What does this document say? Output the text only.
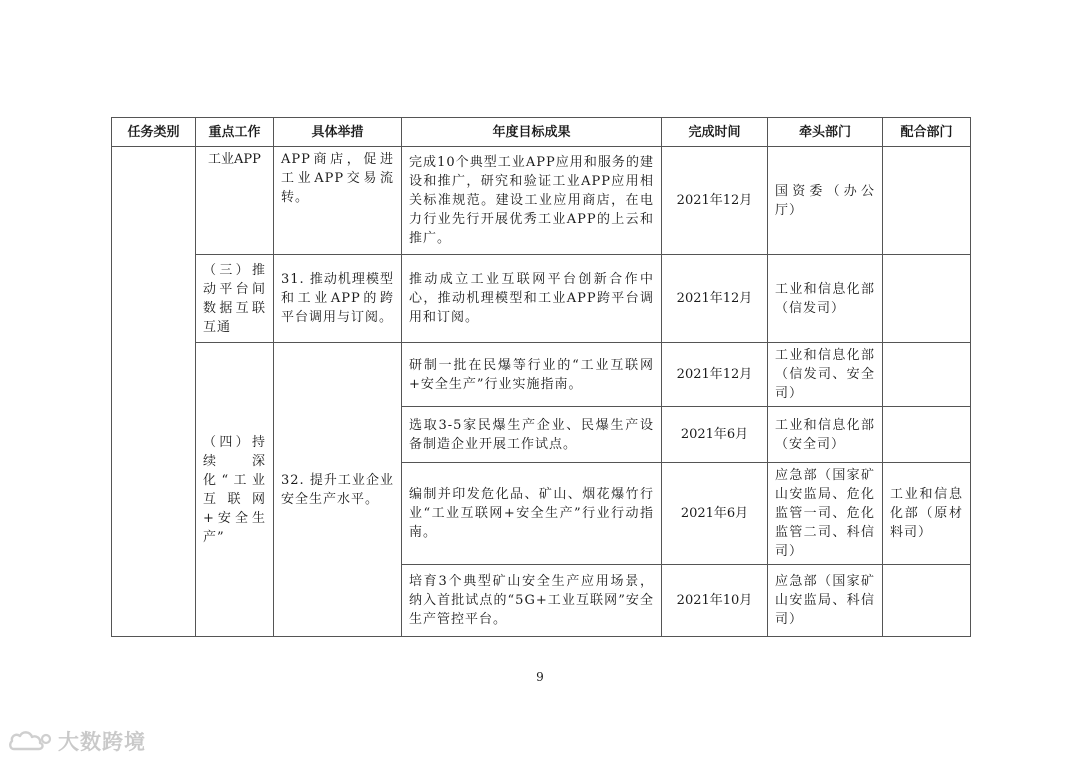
任务类别	重点工作	具体举措	年度目标成果	完成时间	牵头部门	配合部门
	工业APP	APP商店，促进工业APP交易流转。	完成10个典型工业APP应用和服务的建设和推广，研究和验证工业APP应用相关标准规范。建设工业应用商店，在电力行业先行开展优秀工业APP的上云和推广。	2021年12月	国资委（办公厅）	
	（三）推动平台间数据互联互通	31. 推动机理模型和工业APP的跨平台调用与订阅。	推动成立工业互联网平台创新合作中心，推动机理模型和工业APP跨平台调用和订阅。	2021年12月	工业和信息化部（信发司）	
	（四）持续深化“工业互联网+安全生产”	32. 提升工业企业安全生产水平。	研制一批在民爆等行业的“工业互联网+安全生产”行业实施指南。	2021年12月	工业和信息化部（信发司、安全司）	
			选取3-5家民爆生产企业、民爆生产设备制造企业开展工作试点。	2021年6月	工业和信息化部（安全司）	
			编制并印发危化品、矿山、烟花爆竹行业“工业互联网+安全生产”行业行动指南。	2021年6月	应急部（国家矿山安监局、危化监管一司、危化监管二司、科信司）	工业和信息化部（原材料司）
			培育3个典型矿山安全生产应用场景，纳入首批试点的“5G+工业互联网”安全生产管控平台。	2021年10月	应急部（国家矿山安监局、科信司）	
9
大数跨境
